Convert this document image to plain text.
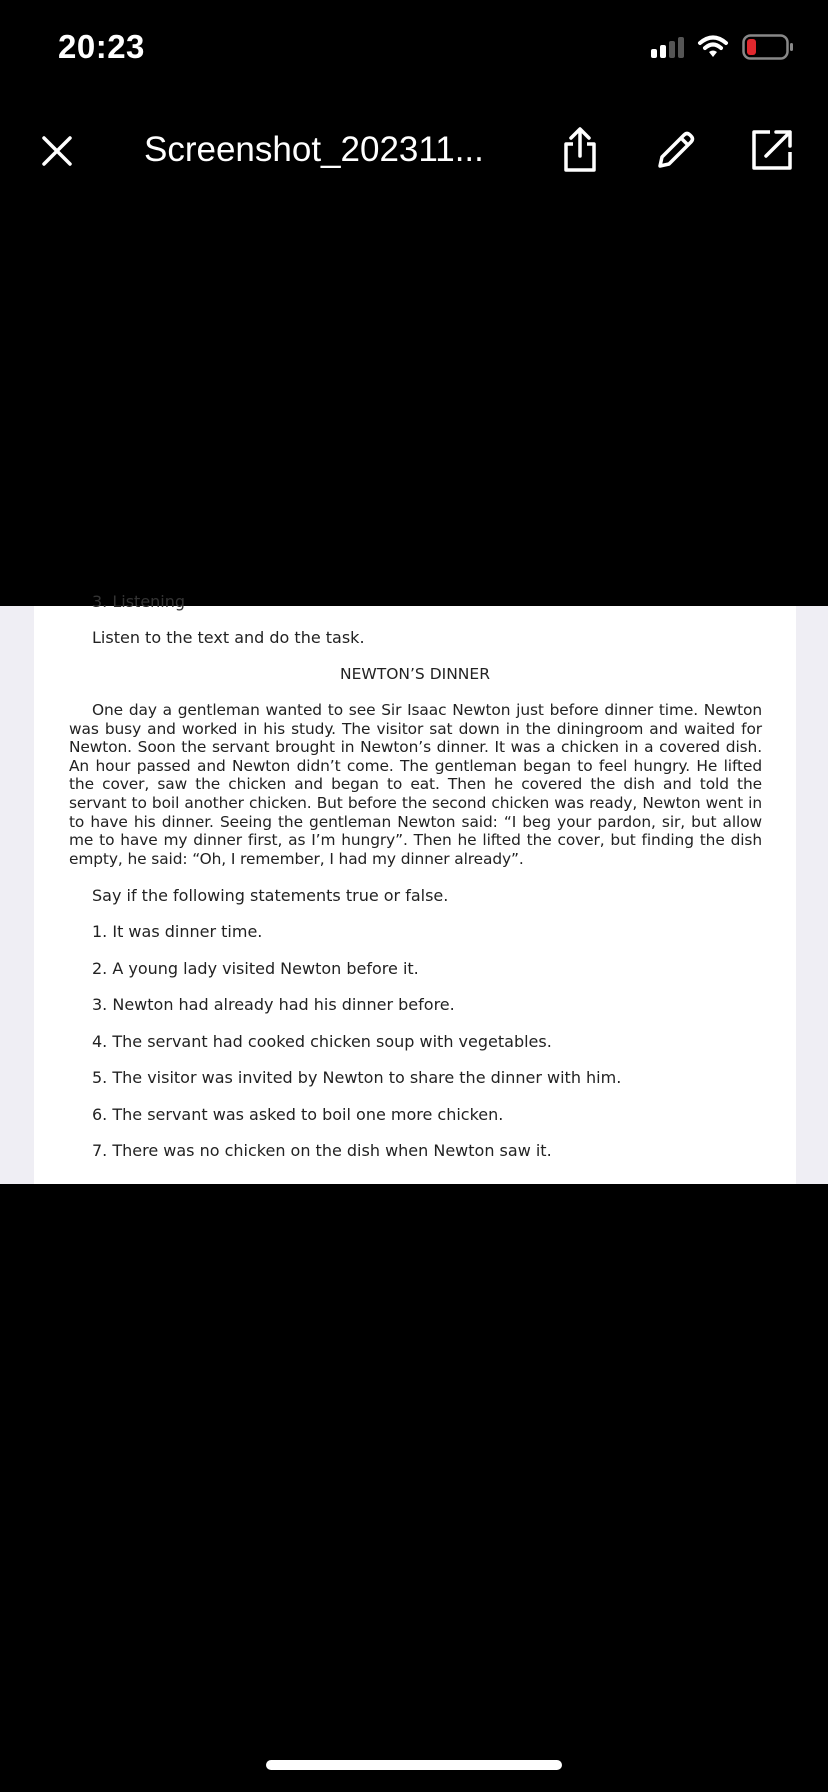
20:23
Screenshot_202311...
3. Listening
Listen to the text and do the task.
NEWTON’S DINNER
One day a gentleman wanted to see Sir Isaac Newton just before dinner time. Newton was busy and worked in his study. The visitor sat down in the diningroom and waited for Newton. Soon the servant brought in Newton’s dinner. It was a chicken in a covered dish. An hour passed and Newton didn’t come. The gentleman began to feel hungry. He lifted the cover, saw the chicken and began to eat. Then he covered the dish and told the servant to boil another chicken. But before the second chicken was ready, Newton went in to have his dinner. Seeing the gentleman Newton said: “I beg your pardon, sir, but allow me to have my dinner first, as I’m hungry”. Then he lifted the cover, but finding the dish empty, he said: “Oh, I remember, I had my dinner already”.
Say if the following statements true or false.
1. It was dinner time.
2. A young lady visited Newton before it.
3. Newton had already had his dinner before.
4. The servant had cooked chicken soup with vegetables.
5. The visitor was invited by Newton to share the dinner with him.
6. The servant was asked to boil one more chicken.
7. There was no chicken on the dish when Newton saw it.
